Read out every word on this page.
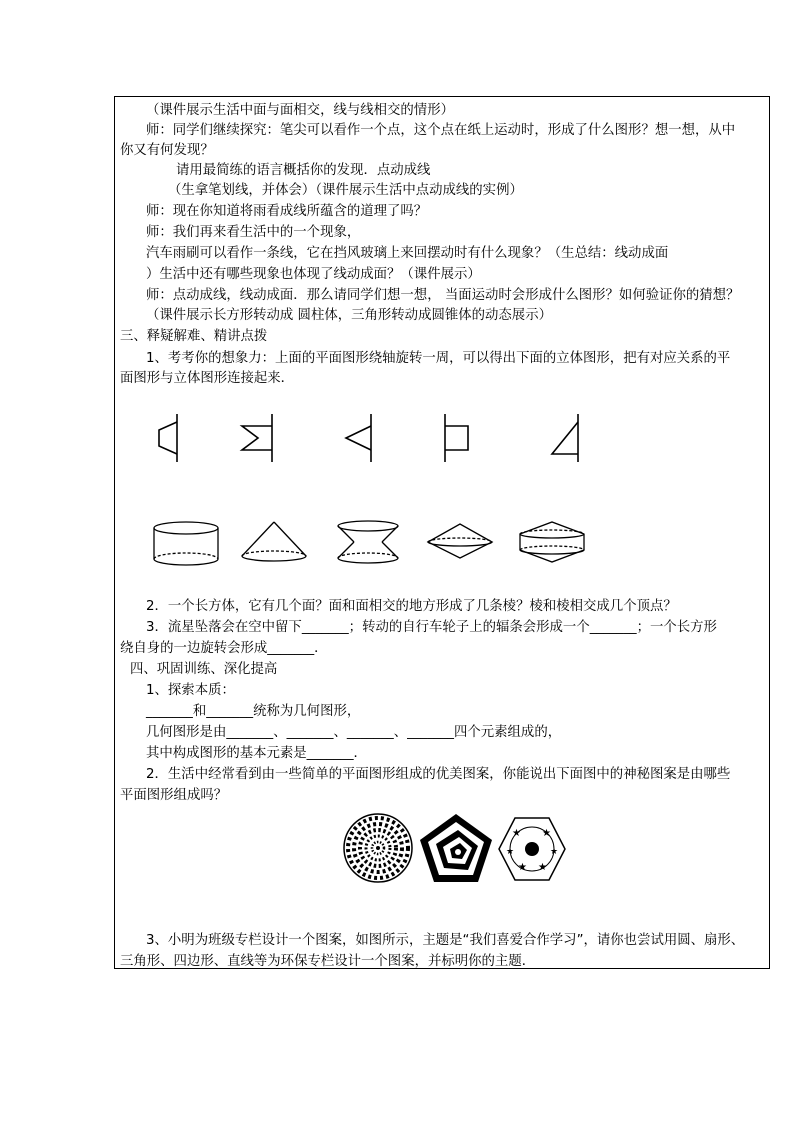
（课件展示生活中面与面相交，线与线相交的情形）
师：同学们继续探究：笔尖可以看作一个点，这个点在纸上运动时，形成了什么图形？想一想，从中
你又有何发现？
请用最简练的语言概括你的发现．点动成线
（生拿笔划线，并体会）（课件展示生活中点动成线的实例）
师：现在你知道将雨看成线所蕴含的道理了吗？
师：我们再来看生活中的一个现象，
汽车雨刷可以看作一条线，它在挡风玻璃上来回摆动时有什么现象？（生总结：线动成面
）生活中还有哪些现象也体现了线动成面？（课件展示）
师：点动成线，线动成面．那么请同学们想一想， 当面运动时会形成什么图形？如何验证你的猜想？
（课件展示长方形转动成 圆柱体，三角形转动成圆锥体的动态展示）
三、释疑解难、精讲点拨
1、考考你的想象力：上面的平面图形绕轴旋转一周，可以得出下面的立体图形，把有对应关系的平
面图形与立体图形连接起来．
2．一个长方体，它有几个面？面和面相交的地方形成了几条棱？棱和棱相交成几个顶点？
3．流星坠落会在空中留下_______；转动的自行车轮子上的辐条会形成一个_______；一个长方形
绕自身的一边旋转会形成_______．
四、巩固训练、深化提高
1、探索本质：
_______和_______统称为几何图形，
几何图形是由_______、_______、_______、_______四个元素组成的，
其中构成图形的基本元素是_______．
2．生活中经常看到由一些简单的平面图形组成的优美图案，你能说出下面图中的神秘图案是由哪些
平面图形组成吗？
★ ★
★	★
★ ★
3、小明为班级专栏设计一个图案，如图所示，主题是“我们喜爱合作学习”，请你也尝试用圆、扇形、
三角形、四边形、直线等为环保专栏设计一个图案，并标明你的主题．
